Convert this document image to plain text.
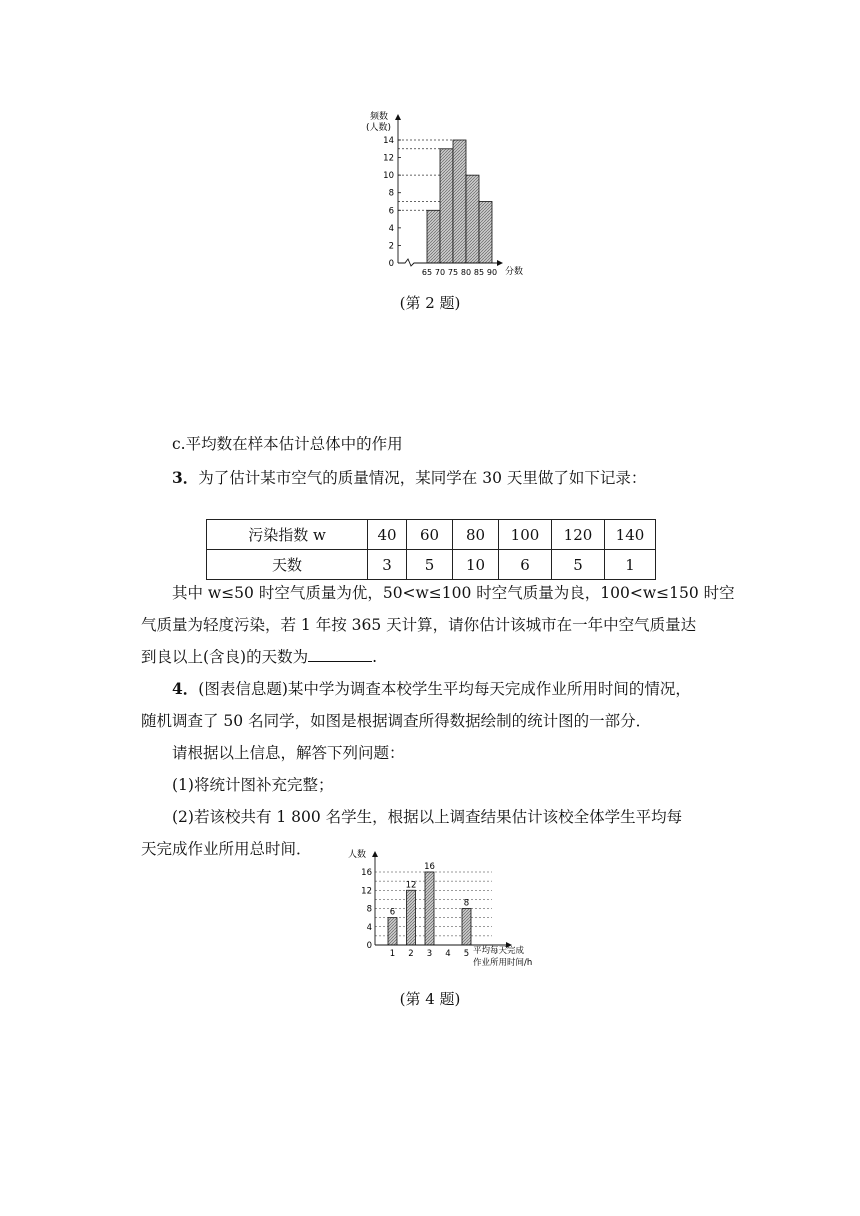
频数
(人数)
分数
0
2
4
6
8
10
12
14
65 70 75 80 85 90
(第 2 题)
c.平均数在样本估计总体中的作用
3．为了估计某市空气的质量情况，某同学在 30 天里做了如下记录：
污染指数 w	40	60	80	100	120	140
天数	3	5	10	6	5	1
其中 w≤50 时空气质量为优，50<w≤100 时空气质量为良，100<w≤150 时空
气质量为轻度污染，若 1 年按 365 天计算，请你估计该城市在一年中空气质量达
到良以上(含良)的天数为	.
4．(图表信息题)某中学为调查本校学生平均每天完成作业所用时间的情况，
随机调查了 50 名同学，如图是根据调查所得数据绘制的统计图的一部分．
请根据以上信息，解答下列问题：
(1)将统计图补充完整；
(2)若该校共有 1 800 名学生，根据以上调查结果估计该校全体学生平均每
天完成作业所用总时间．	人数
平均每天完成
作业所用时间/h
0
4
8
12
16
1 2 3 4 5
6
12
16
8
(第 4 题)
